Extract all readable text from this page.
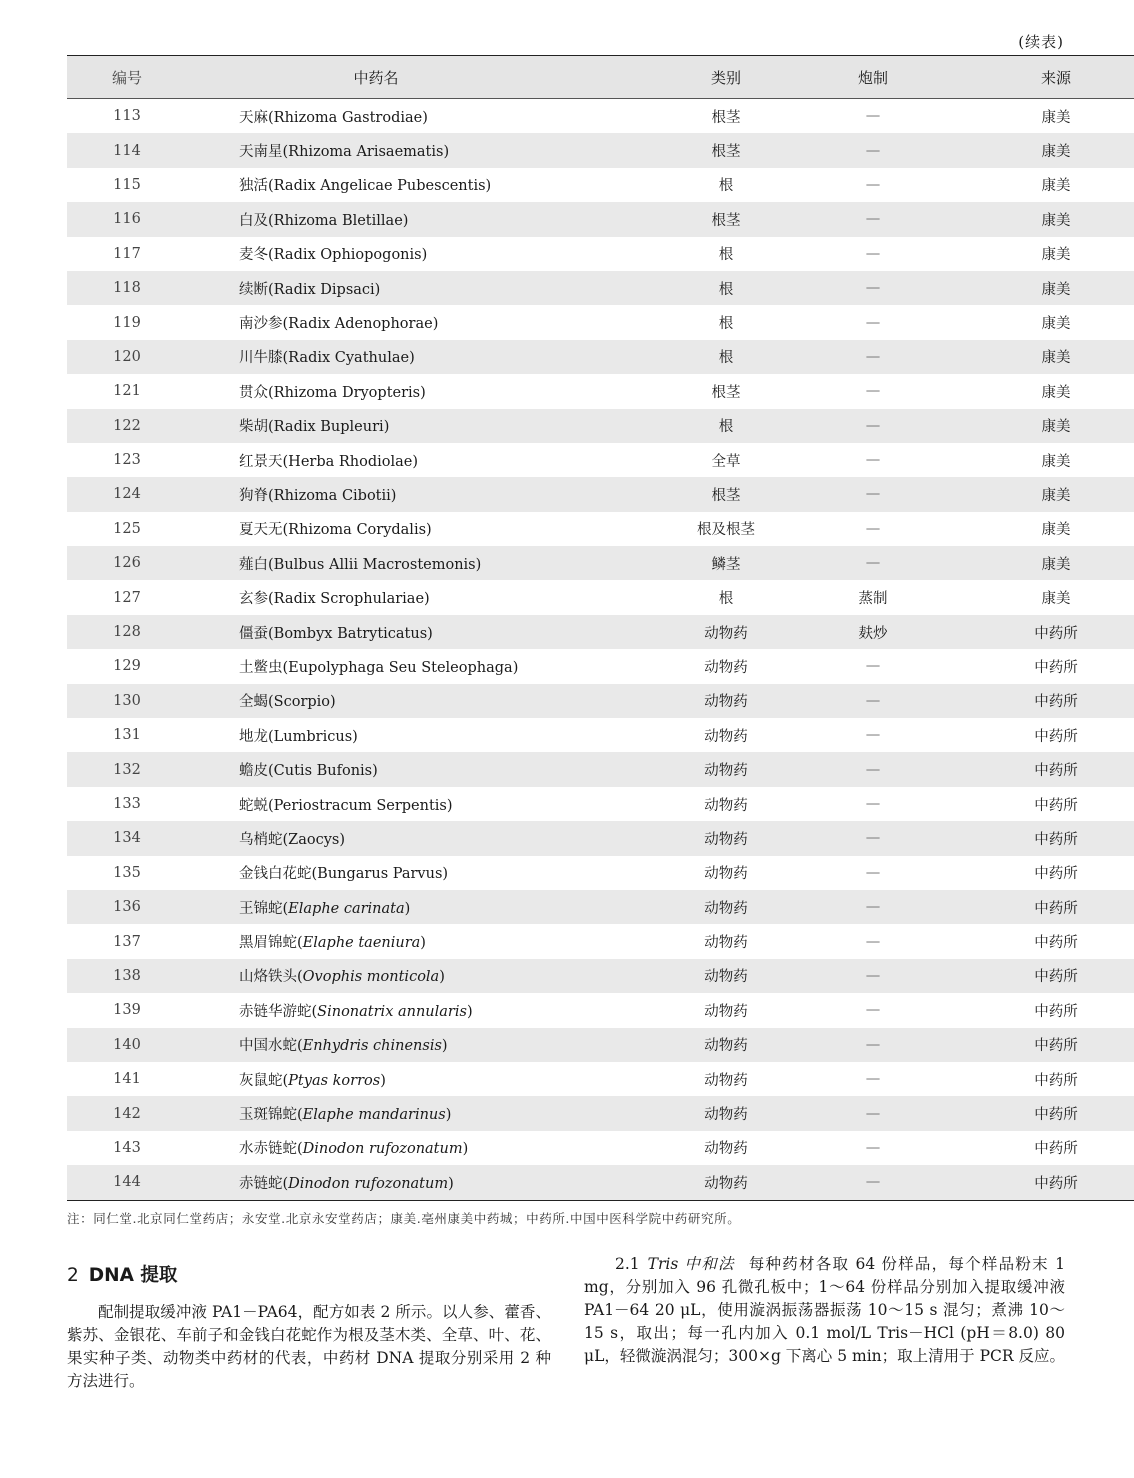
(续表)
编号	中药名	类别	炮制	来源
113	天麻(Rhizoma Gastrodiae)	根茎	—	康美
114	天南星(Rhizoma Arisaematis)	根茎	—	康美
115	独活(Radix Angelicae Pubescentis)	根	—	康美
116	白及(Rhizoma Bletillae)	根茎	—	康美
117	麦冬(Radix Ophiopogonis)	根	—	康美
118	续断(Radix Dipsaci)	根	—	康美
119	南沙参(Radix Adenophorae)	根	—	康美
120	川牛膝(Radix Cyathulae)	根	—	康美
121	贯众(Rhizoma Dryopteris)	根茎	—	康美
122	柴胡(Radix Bupleuri)	根	—	康美
123	红景天(Herba Rhodiolae)	全草	—	康美
124	狗脊(Rhizoma Cibotii)	根茎	—	康美
125	夏天无(Rhizoma Corydalis)	根及根茎	—	康美
126	薤白(Bulbus Allii Macrostemonis)	鳞茎	—	康美
127	玄参(Radix Scrophulariae)	根	蒸制	康美
128	僵蚕(Bombyx Batryticatus)	动物药	麸炒	中药所
129	土鳖虫(Eupolyphaga Seu Steleophaga)	动物药	—	中药所
130	全蝎(Scorpio)	动物药	—	中药所
131	地龙(Lumbricus)	动物药	—	中药所
132	蟾皮(Cutis Bufonis)	动物药	—	中药所
133	蛇蜕(Periostracum Serpentis)	动物药	—	中药所
134	乌梢蛇(Zaocys)	动物药	—	中药所
135	金钱白花蛇(Bungarus Parvus)	动物药	—	中药所
136	王锦蛇(Elaphe carinata)	动物药	—	中药所
137	黑眉锦蛇(Elaphe taeniura)	动物药	—	中药所
138	山烙铁头(Ovophis monticola)	动物药	—	中药所
139	赤链华游蛇(Sinonatrix annularis)	动物药	—	中药所
140	中国水蛇(Enhydris chinensis)	动物药	—	中药所
141	灰鼠蛇(Ptyas korros)	动物药	—	中药所
142	玉斑锦蛇(Elaphe mandarinus)	动物药	—	中药所
143	水赤链蛇(Dinodon rufozonatum)	动物药	—	中药所
144	赤链蛇(Dinodon rufozonatum)	动物药	—	中药所
注：同仁堂.北京同仁堂药店；永安堂.北京永安堂药店；康美.亳州康美中药城；中药所.中国中医科学院中药研究所。
2 DNA 提取

配制提取缓冲液 PA1－PA64，配方如表 2 所示。以人参、藿香、紫苏、金银花、车前子和金钱白花蛇作为根及茎木类、全草、叶、花、果实种子类、动物类中药材的代表，中药材 DNA 提取分别采用 2 种方法进行。

2.1 Tris 中和法 每种药材各取 64 份样品，每个样品粉末 1 mg，分别加入 96 孔微孔板中；1～64 份样品分别加入提取缓冲液 PA1－64 20 μL，使用漩涡振荡器振荡 10～15 s 混匀；煮沸 10～15 s，取出；每一孔内加入 0.1 mol/L Tris－HCl (pH＝8.0) 80 μL，轻微漩涡混匀；300×g 下离心 5 min；取上清用于 PCR 反应。
